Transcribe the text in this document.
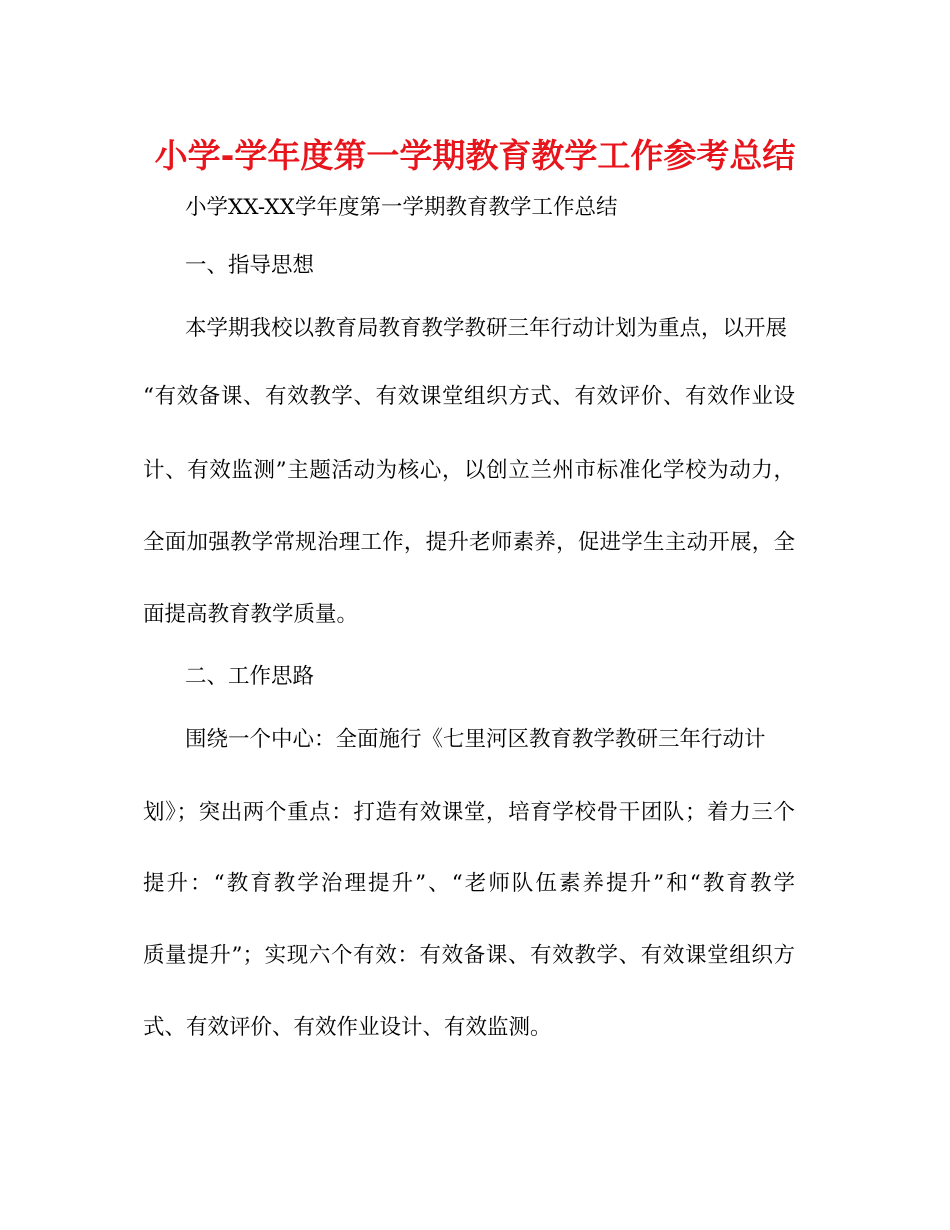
小学-学年度第一学期教育教学工作参考总结
小学XX-XX学年度第一学期教育教学工作总结
一、指导思想
本学期我校以教育局教育教学教研三年行动计划为重点，以开展
“有效备课、有效教学、有效课堂组织方式、有效评价、有效作业设
计、有效监测”主题活动为核心，以创立兰州市标准化学校为动力，
全面加强教学常规治理工作，提升老师素养，促进学生主动开展，全
面提高教育教学质量。
二、工作思路
围绕一个中心：全面施行《七里河区教育教学教研三年行动计
划》；突出两个重点：打造有效课堂，培育学校骨干团队；着力三个
提升：“教育教学治理提升”、“老师队伍素养提升”和“教育教学
质量提升”；实现六个有效：有效备课、有效教学、有效课堂组织方
式、有效评价、有效作业设计、有效监测。
